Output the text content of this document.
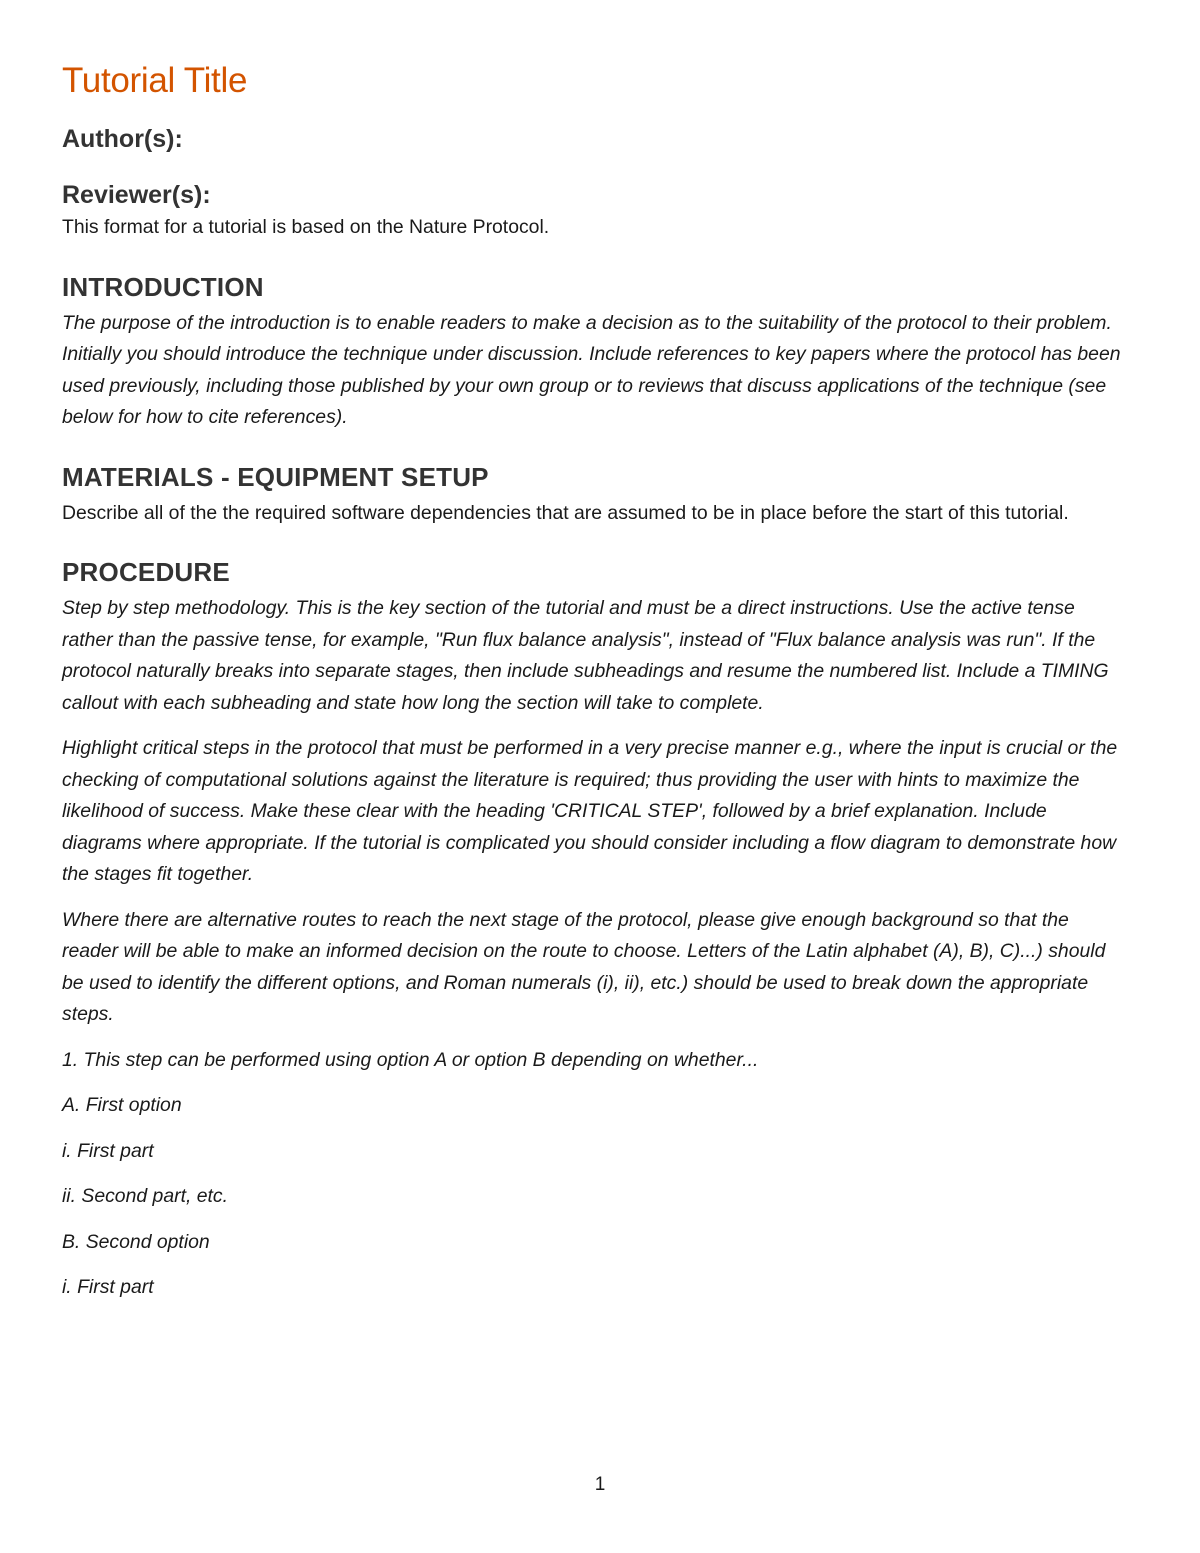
Tutorial Title
Author(s):
Reviewer(s):

This format for a tutorial is based on the Nature Protocol.

INTRODUCTION

The purpose of the introduction is to enable readers to make a decision as to the suitability of the protocol to their problem. Initially you should introduce the technique under discussion. Include references to key papers where the protocol has been used previously, including those published by your own group or to reviews that discuss applications of the technique (see below for how to cite references).

MATERIALS - EQUIPMENT SETUP

Describe all of the the required software dependencies that are assumed to be in place before the start of this tutorial.

PROCEDURE

Step by step methodology. This is the key section of the tutorial and must be a direct instructions. Use the active tense rather than the passive tense, for example, "Run flux balance analysis", instead of "Flux balance analysis was run". If the protocol naturally breaks into separate stages, then include subheadings and resume the numbered list. Include a TIMING callout with each subheading and state how long the section will take to complete.

Highlight critical steps in the protocol that must be performed in a very precise manner e.g., where the input is crucial or the checking of computational solutions against the literature is required; thus providing the user with hints to maximize the likelihood of success. Make these clear with the heading 'CRITICAL STEP', followed by a brief explanation. Include diagrams where appropriate. If the tutorial is complicated you should consider including a flow diagram to demonstrate how the stages fit together.

Where there are alternative routes to reach the next stage of the protocol, please give enough background so that the reader will be able to make an informed decision on the route to choose. Letters of the Latin alphabet (A), B), C)...) should be used to identify the different options, and Roman numerals (i), ii), etc.) should be used to break down the appropriate steps.

1. This step can be performed using option A or option B depending on whether...

A. First option

i. First part

ii. Second part, etc.

B. Second option

i. First part

1
